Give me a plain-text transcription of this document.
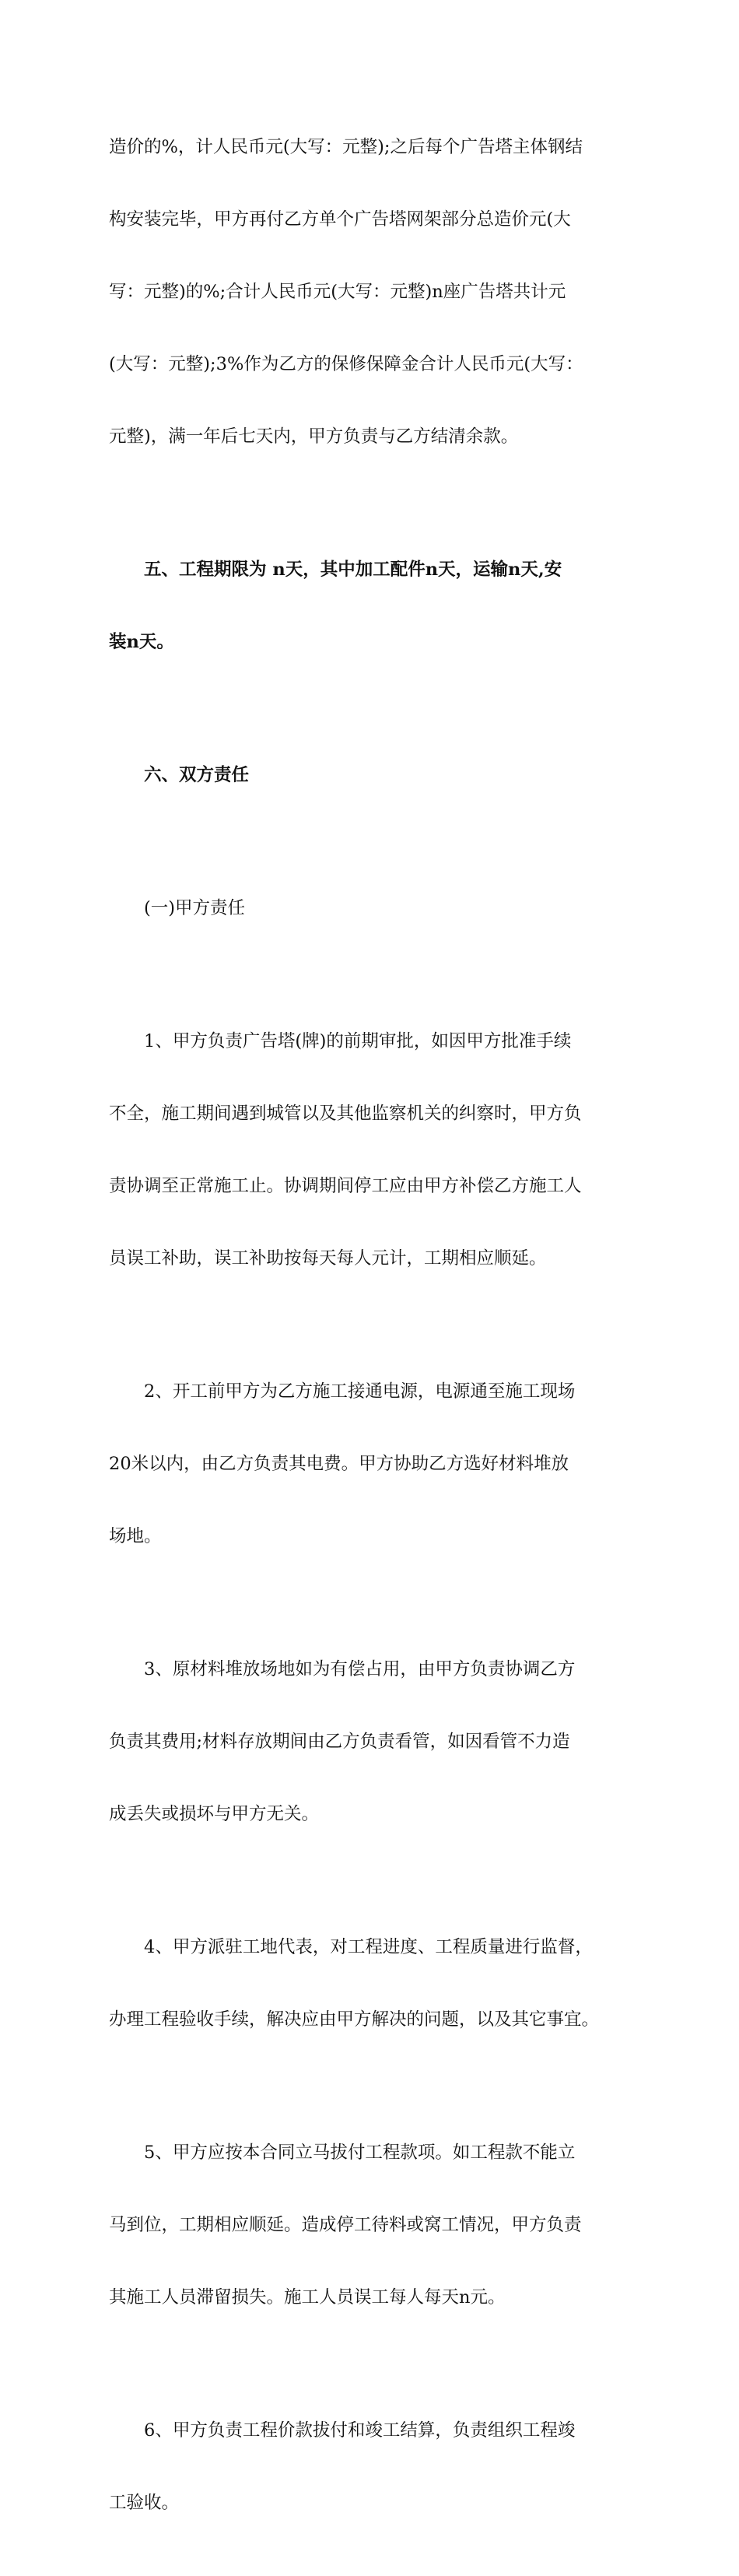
造价的%，计人民币元(大写：元整);之后每个广告塔主体钢结

构安装完毕，甲方再付乙方单个广告塔网架部分总造价元(大

写：元整)的%;合计人民币元(大写：元整)n座广告塔共计元

(大写：元整);3%作为乙方的保修保障金合计人民币元(大写：

元整)，满一年后七天内，甲方负责与乙方结清余款。

五、工程期限为 n天，其中加工配件n天，运输n天,安

装n天。

六、双方责任

(一)甲方责任

1、甲方负责广告塔(牌)的前期审批，如因甲方批准手续

不全，施工期间遇到城管以及其他监察机关的纠察时，甲方负

责协调至正常施工止。协调期间停工应由甲方补偿乙方施工人

员误工补助，误工补助按每天每人元计，工期相应顺延。

2、开工前甲方为乙方施工接通电源，电源通至施工现场

20米以内，由乙方负责其电费。甲方协助乙方选好材料堆放

场地。

3、原材料堆放场地如为有偿占用，由甲方负责协调乙方

负责其费用;材料存放期间由乙方负责看管，如因看管不力造

成丢失或损坏与甲方无关。

4、甲方派驻工地代表，对工程进度、工程质量进行监督，

办理工程验收手续，解决应由甲方解决的问题，以及其它事宜。

5、甲方应按本合同立马拔付工程款项。如工程款不能立

马到位，工期相应顺延。造成停工待料或窝工情况，甲方负责

其施工人员滞留损失。施工人员误工每人每天n元。

6、甲方负责工程价款拔付和竣工结算，负责组织工程竣

工验收。
